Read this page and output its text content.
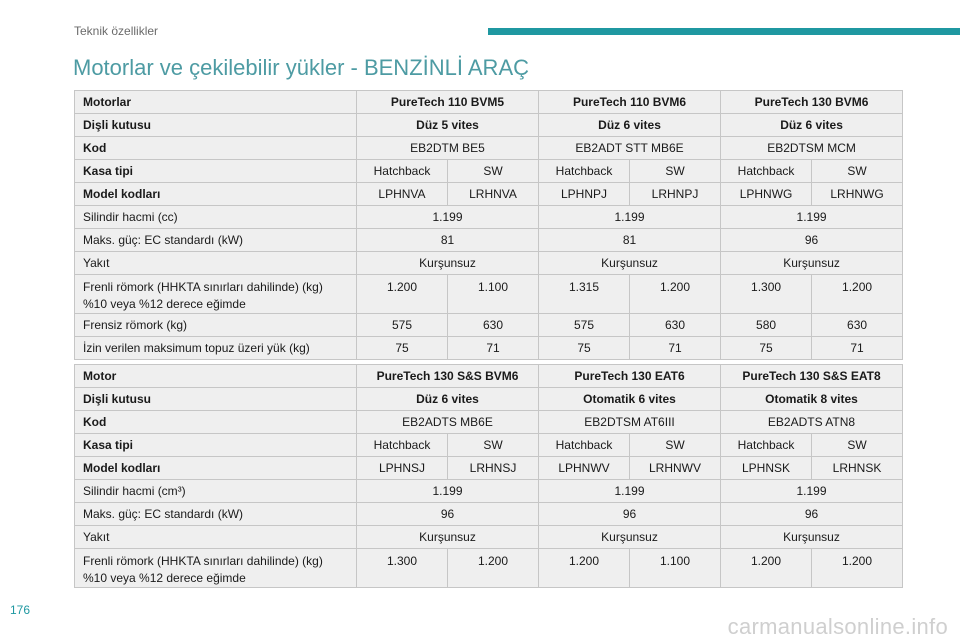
Teknik özellikler
Motorlar ve çekilebilir yükler - BENZİNLİ ARAÇ
Motorlar	PureTech 110 BVM5		PureTech 110 BVM6		PureTech 130 BVM6	
Dişli kutusu	Düz 5 vites		Düz 6 vites		Düz 6 vites	
Kod	EB2DTM BE5		EB2ADT STT MB6E		EB2DTSM MCM	
Kasa tipi	Hatchback	SW	Hatchback	SW	Hatchback	SW
Model kodları	LPHNVA	LRHNVA	LPHNPJ	LRHNPJ	LPHNWG	LRHNWG
Silindir hacmi (cc)	1.199		1.199		1.199	
Maks. güç: EC standardı (kW)	81		81		96	
Yakıt	Kurşunsuz		Kurşunsuz		Kurşunsuz	
Frenli römork (HHKTA sınırları dahilinde) (kg)
%10 veya %12 derece eğimde	1.200	1.100	1.315	1.200	1.300	1.200
Frensiz römork (kg)	575	630	575	630	580	630
İzin verilen maksimum topuz üzeri yük (kg)	75	71	75	71	75	71
Motor	PureTech 130 S&S BVM6		PureTech 130 EAT6		PureTech 130 S&S EAT8	
Dişli kutusu	Düz 6 vites		Otomatik 6 vites		Otomatik 8 vites	
Kod	EB2ADTS MB6E		EB2DTSM AT6III		EB2ADTS ATN8	
Kasa tipi	Hatchback	SW	Hatchback	SW	Hatchback	SW
Model kodları	LPHNSJ	LRHNSJ	LPHNWV	LRHNWV	LPHNSK	LRHNSK
Silindir hacmi (cm³)	1.199		1.199		1.199	
Maks. güç: EC standardı (kW)	96		96		96	
Yakıt	Kurşunsuz		Kurşunsuz		Kurşunsuz	
Frenli römork (HHKTA sınırları dahilinde) (kg)
%10 veya %12 derece eğimde	1.300	1.200	1.200	1.100	1.200	1.200
176
carmanualsonline.info
